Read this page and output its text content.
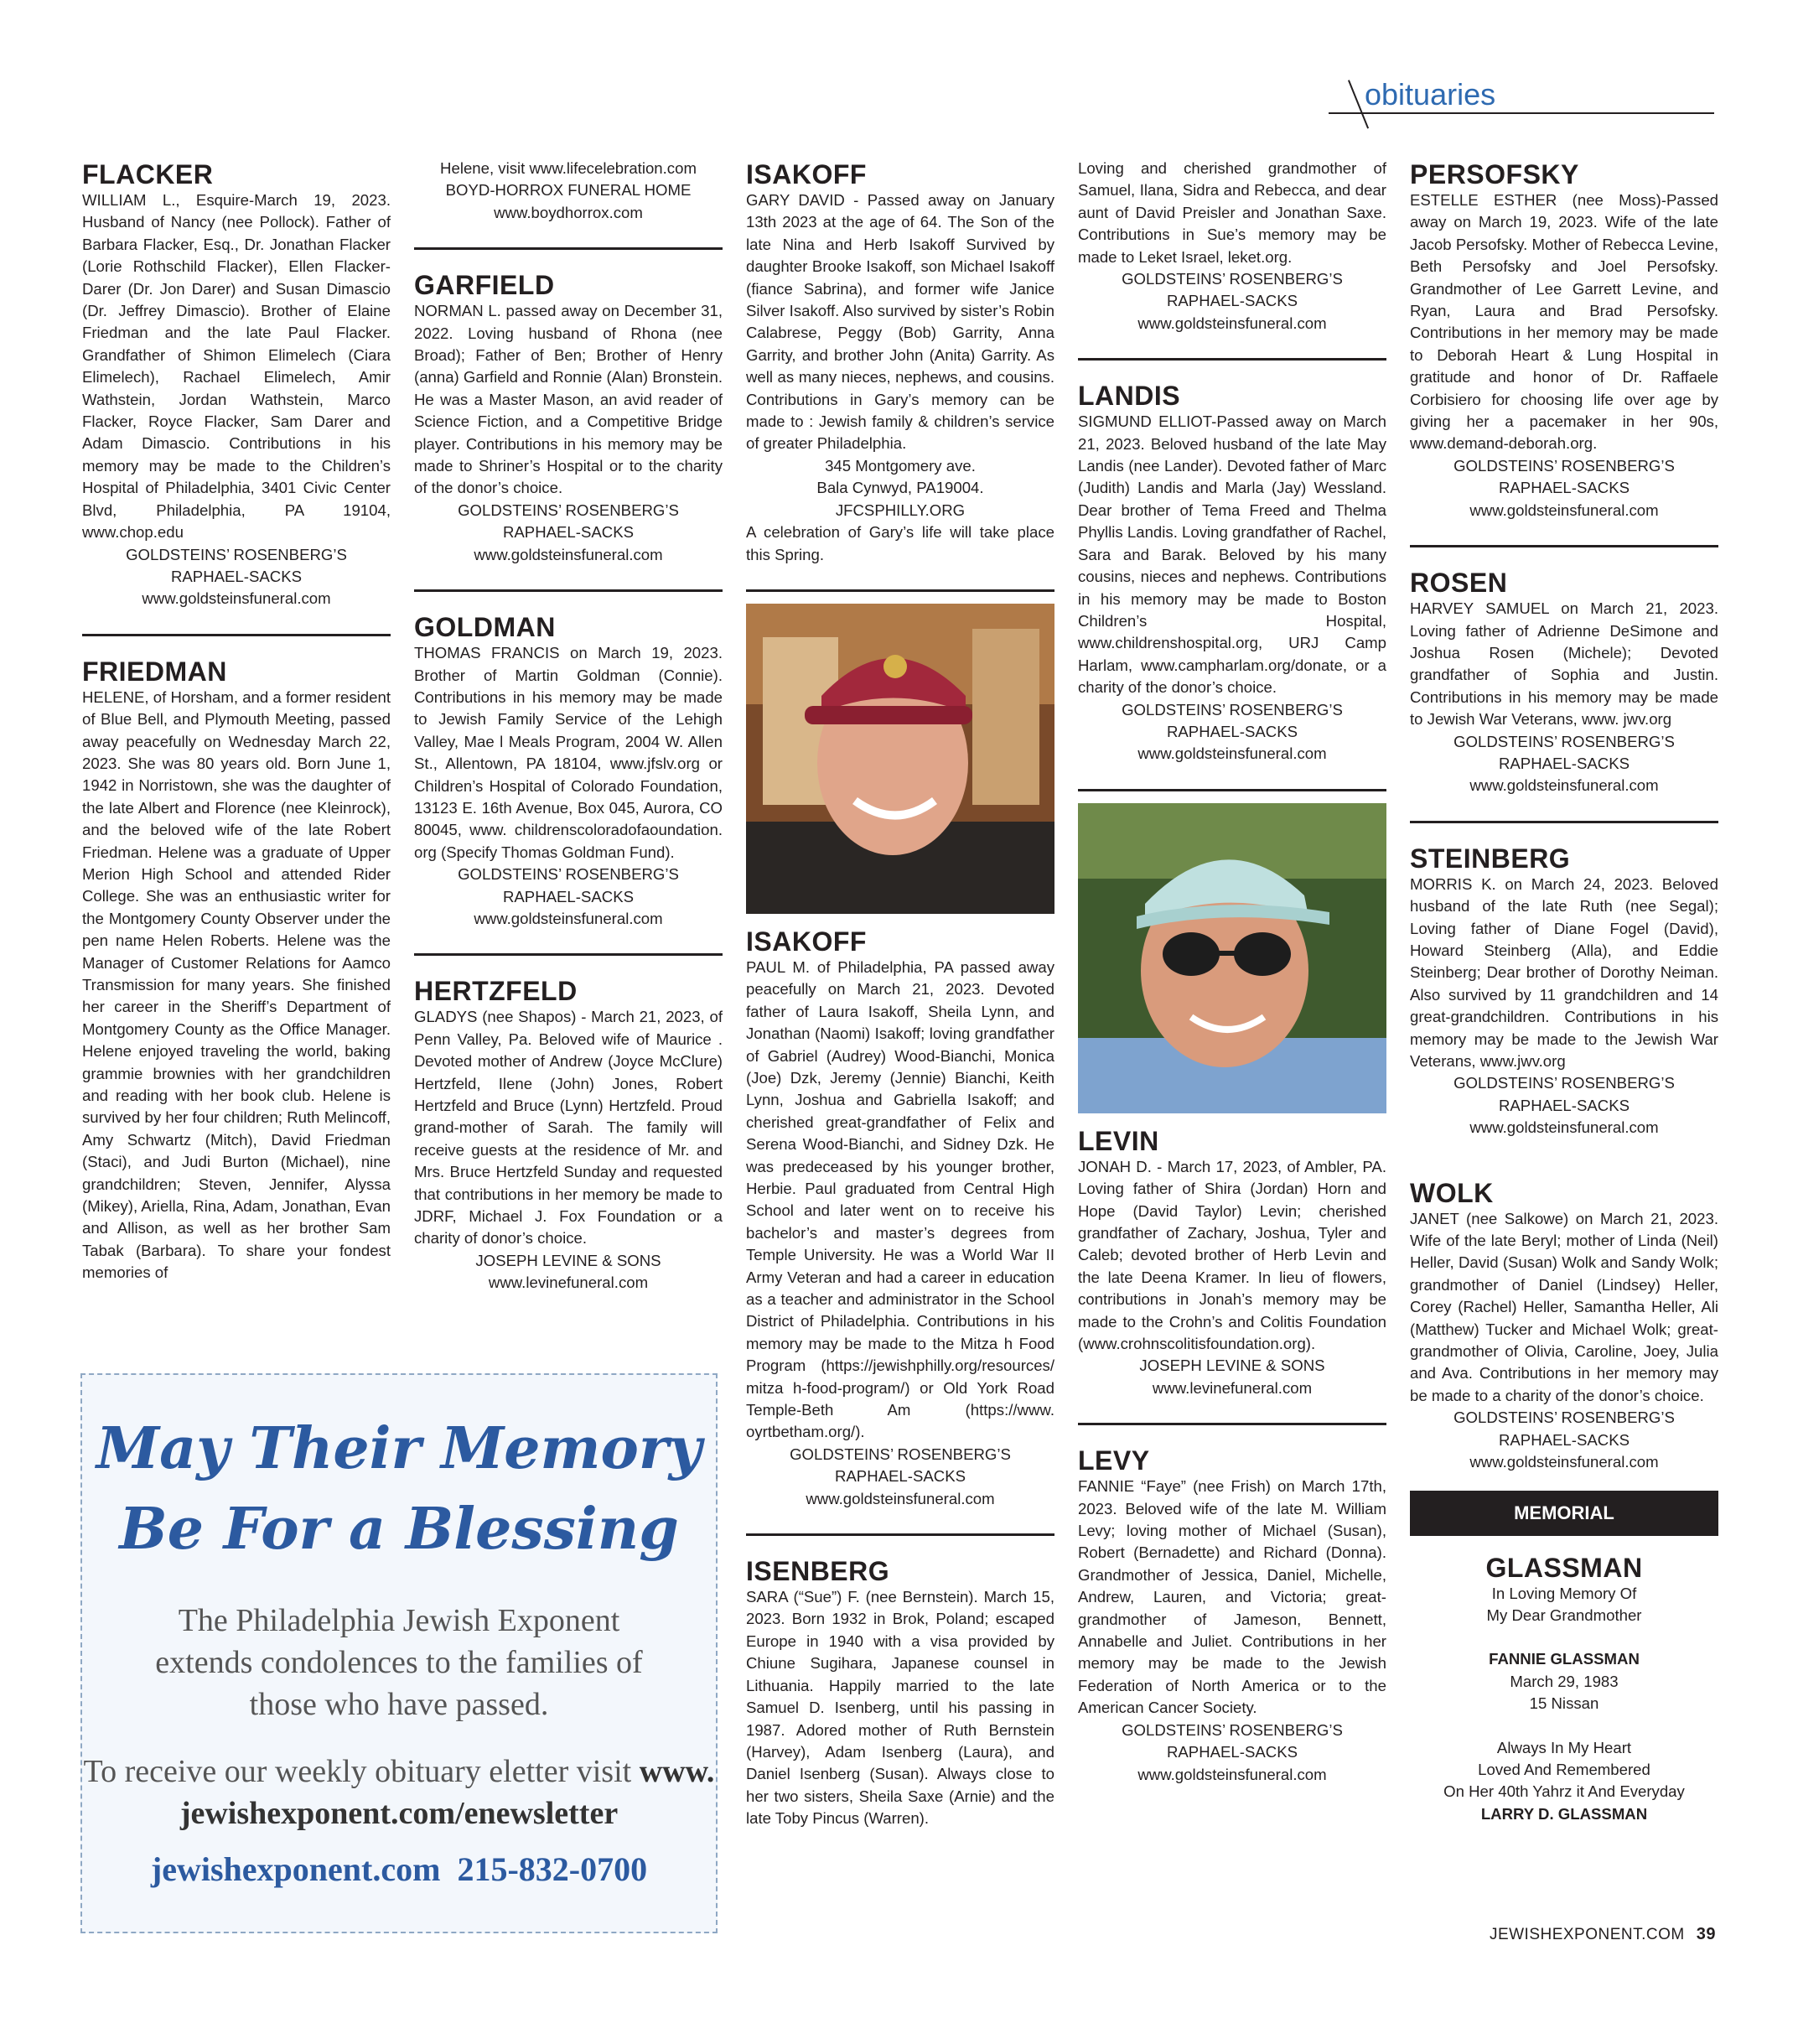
obituaries
FLACKER
WILLIAM L., Esquire-March 19, 2023. Husband of Nancy (nee Pollock). Father of Barbara Flacker, Esq., Dr. Jonathan Flacker (Lorie Rothschild Flacker), Ellen Flacker-Darer (Dr. Jon Darer) and Susan Dimascio (Dr. Jeffrey Dimascio). Brother of Elaine Friedman and the late Paul Flacker. Grandfather of Shimon Elimelech (Ciara Elimelech), Rachael Elimelech, Amir Wathstein, Jordan Wathstein, Marco Flacker, Royce Flacker, Sam Darer and Adam Dimascio. Contributions in his memory may be made to the Children’s Hospital of Philadelphia, 3401 Civic Center Blvd, Philadelphia, PA 19104, www.chop.edu
GOLDSTEINS’ ROSENBERG’S
RAPHAEL-SACKS
www.goldsteinsfuneral.com
FRIEDMAN
HELENE, of Horsham, and a former resident of Blue Bell, and Plymouth Meeting, passed away peacefully on Wednesday March 22, 2023. She was 80 years old. Born June 1, 1942 in Norristown, she was the daughter of the late Albert and Florence (nee Kleinrock), and the beloved wife of the late Robert Friedman. Helene was a graduate of Upper Merion High School and attended Rider College. She was an enthusiastic writer for the Montgomery County Observer under the pen name Helen Roberts. Helene was the Manager of Customer Relations for Aamco Transmission for many years. She finished her career in the Sheriff’s Department of Montgomery County as the Office Manager. Helene enjoyed traveling the world, baking grammie brownies with her grandchildren and reading with her book club. Helene is survived by her four children; Ruth Melincoff, Amy Schwartz (Mitch), David Friedman (Staci), and Judi Burton (Michael), nine grandchildren; Steven, Jennifer, Alyssa (Mikey), Ariella, Rina, Adam, Jonathan, Evan and Allison, as well as her brother Sam Tabak (Barbara). To share your fondest memories of
Helene, visit www.lifecelebration.com
BOYD-HORROX FUNERAL HOME
www.boydhorrox.com
GARFIELD
NORMAN L. passed away on December 31, 2022. Loving husband of Rhona (nee Broad); Father of Ben; Brother of Henry (anna) Garfield and Ronnie (Alan) Bronstein. He was a Master Mason, an avid reader of Science Fiction, and a Competitive Bridge player. Contributions in his memory may be made to Shriner’s Hospital or to the charity of the donor’s choice.
GOLDSTEINS’ ROSENBERG’S
RAPHAEL-SACKS
www.goldsteinsfuneral.com
GOLDMAN
THOMAS FRANCIS on March 19, 2023. Brother of Martin Goldman (Connie). Contributions in his memory may be made to Jewish Family Service of the Lehigh Valley, Mae l Meals Program, 2004 W. Allen St., Allentown, PA 18104, www.jfslv.org or Children’s Hospital of Colorado Foundation, 13123 E. 16th Avenue, Box 045, Aurora, CO 80045, www. childrenscoloradofaoundation. org (Specify Thomas Goldman Fund).
GOLDSTEINS’ ROSENBERG’S
RAPHAEL-SACKS
www.goldsteinsfuneral.com
HERTZFELD
GLADYS (nee Shapos) - March 21, 2023, of Penn Valley, Pa. Beloved wife of Maurice . Devoted mother of Andrew (Joyce McClure) Hertzfeld, Ilene (John) Jones, Robert Hertzfeld and Bruce (Lynn) Hertzfeld. Proud grand-mother of Sarah. The family will receive guests at the residence of Mr. and Mrs. Bruce Hertzfeld Sunday and requested that contributions in her memory be made to JDRF, Michael J. Fox Foundation or a charity of donor’s choice.
JOSEPH LEVINE & SONS
www.levinefuneral.com
ISAKOFF
GARY DAVID - Passed away on January 13th 2023 at the age of 64. The Son of the late Nina and Herb Isakoff Survived by daughter Brooke Isakoff, son Michael Isakoff (fiance Sabrina), and former wife Janice Silver Isakoff. Also survived by sister’s Robin Calabrese, Peggy (Bob) Garrity, Anna Garrity, and brother John (Anita) Garrity. As well as many nieces, nephews, and cousins. Contributions in Gary’s memory can be made to : Jewish family & children’s service of greater Philadelphia.
345 Montgomery ave.
Bala Cynwyd, PA19004.
JFCSPHILLY.ORG
A celebration of Gary’s life will take place this Spring.
ISAKOFF
PAUL M. of Philadelphia, PA passed away peacefully on March 21, 2023. Devoted father of Laura Isakoff, Sheila Lynn, and Jonathan (Naomi) Isakoff; loving grandfather of Gabriel (Audrey) Wood-Bianchi, Monica (Joe) Dzk, Jeremy (Jennie) Bianchi, Keith Lynn, Joshua and Gabriella Isakoff; and cherished great-grandfather of Felix and Serena Wood-Bianchi, and Sidney Dzk. He was predeceased by his younger brother, Herbie. Paul graduated from Central High School and later went on to receive his bachelor’s and master’s degrees from Temple University. He was a World War II Army Veteran and had a career in education as a teacher and administrator in the School District of Philadelphia. Contributions in his memory may be made to the Mitza h Food Program (https://jewishphilly.org/resources/ mitza h-food-program/) or Old York Road Temple-Beth Am (https://www. oyrtbetham.org/).
GOLDSTEINS’ ROSENBERG’S
RAPHAEL-SACKS
www.goldsteinsfuneral.com
ISENBERG
SARA (“Sue”) F. (nee Bernstein). March 15, 2023. Born 1932 in Brok, Poland; escaped Europe in 1940 with a visa provided by Chiune Sugihara, Japanese counsel in Lithuania. Happily married to the late Samuel D. Isenberg, until his passing in 1987. Adored mother of Ruth Bernstein (Harvey), Adam Isenberg (Laura), and Daniel Isenberg (Susan). Always close to her two sisters, Sheila Saxe (Arnie) and the late Toby Pincus (Warren).
Loving and cherished grandmother of Samuel, Ilana, Sidra and Rebecca, and dear aunt of David Preisler and Jonathan Saxe. Contributions in Sue’s memory may be made to Leket Israel, leket.org.
GOLDSTEINS’ ROSENBERG’S
RAPHAEL-SACKS
www.goldsteinsfuneral.com
LANDIS
SIGMUND ELLIOT-Passed away on March 21, 2023. Beloved husband of the late May Landis (nee Lander). Devoted father of Marc (Judith) Landis and Marla (Jay) Wessland. Dear brother of Tema Freed and Thelma Phyllis Landis. Loving grandfather of Rachel, Sara and Barak. Beloved by his many cousins, nieces and nephews. Contributions in his memory may be made to Boston Children’s Hospital, www.childrenshospital.org, URJ Camp Harlam, www.campharlam.org/donate, or a charity of the donor’s choice.
GOLDSTEINS’ ROSENBERG’S
RAPHAEL-SACKS
www.goldsteinsfuneral.com
LEVIN
JONAH D. - March 17, 2023, of Ambler, PA. Loving father of Shira (Jordan) Horn and Hope (David Taylor) Levin; cherished grandfather of Zachary, Joshua, Tyler and Caleb; devoted brother of Herb Levin and the late Deena Kramer. In lieu of flowers, contributions in Jonah’s memory may be made to the Crohn’s and Colitis Foundation (www.crohnscolitisfoundation.org).
JOSEPH LEVINE & SONS
www.levinefuneral.com
LEVY
FANNIE “Faye” (nee Frish) on March 17th, 2023. Beloved wife of the late M. William Levy; loving mother of Michael (Susan), Robert (Bernadette) and Richard (Donna). Grandmother of Jessica, Daniel, Michelle, Andrew, Lauren, and Victoria; great-grandmother of Jameson, Bennett, Annabelle and Juliet. Contributions in her memory may be made to the Jewish Federation of North America or to the American Cancer Society.
GOLDSTEINS’ ROSENBERG’S
RAPHAEL-SACKS
www.goldsteinsfuneral.com
PERSOFSKY
ESTELLE ESTHER (nee Moss)-Passed away on March 19, 2023. Wife of the late Jacob Persofsky. Mother of Rebecca Levine, Beth Persofsky and Joel Persofsky. Grandmother of Lee Garrett Levine, and Ryan, Laura and Brad Persofsky. Contributions in her memory may be made to Deborah Heart & Lung Hospital in gratitude and honor of Dr. Raffaele Corbisiero for choosing life over age by giving her a pacemaker in her 90s, www.demand-deborah.org.
GOLDSTEINS’ ROSENBERG’S
RAPHAEL-SACKS
www.goldsteinsfuneral.com
ROSEN
HARVEY SAMUEL on March 21, 2023. Loving father of Adrienne DeSimone and Joshua Rosen (Michele); Devoted grandfather of Sophia and Justin. Contributions in his memory may be made to Jewish War Veterans, www. jwv.org
GOLDSTEINS’ ROSENBERG’S
RAPHAEL-SACKS
www.goldsteinsfuneral.com
STEINBERG
MORRIS K. on March 24, 2023. Beloved husband of the late Ruth (nee Segal); Loving father of Diane Fogel (David), Howard Steinberg (Alla), and Eddie Steinberg; Dear brother of Dorothy Neiman. Also survived by 11 grandchildren and 14 great-grandchildren. Contributions in his memory may be made to the Jewish War Veterans, www.jwv.org
GOLDSTEINS’ ROSENBERG’S
RAPHAEL-SACKS
www.goldsteinsfuneral.com
WOLK
JANET (nee Salkowe) on March 21, 2023. Wife of the late Beryl; mother of Linda (Neil) Heller, David (Susan) Wolk and Sandy Wolk; grandmother of Daniel (Lindsey) Heller, Corey (Rachel) Heller, Samantha Heller, Ali (Matthew) Tucker and Michael Wolk; great-grandmother of Olivia, Caroline, Joey, Julia and Ava. Contributions in her memory may be made to a charity of the donor’s choice.
GOLDSTEINS’ ROSENBERG’S
RAPHAEL-SACKS
www.goldsteinsfuneral.com
MEMORIAL
GLASSMAN
In Loving Memory Of
My Dear Grandmother
FANNIE GLASSMAN
March 29, 1983
15 Nissan
Always In My Heart
Loved And Remembered
On Her 40th Yahrz it And Everyday
LARRY D. GLASSMAN
May Their Memory
Be For a Blessing
The Philadelphia Jewish Exponent
extends condolences to the families of
those who have passed.
To receive our weekly obituary eletter visit www.
jewishexponent.com/enewsletter
jewishexponent.com 215-832-0700
JEWISHEXPONENT.COM 39
